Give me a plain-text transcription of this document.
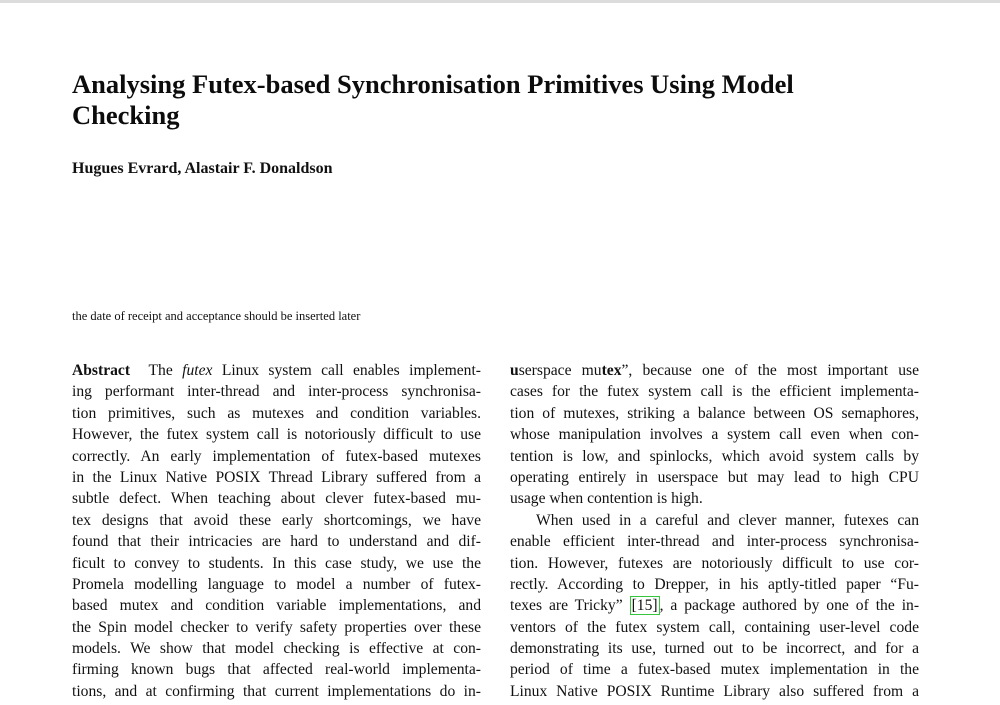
Analysing Futex-based Synchronisation Primitives Using Model
Checking
Hugues Evrard, Alastair F. Donaldson
the date of receipt and acceptance should be inserted later
Abstract The futex Linux system call enables implement-
ing performant inter-thread and inter-process synchronisa-
tion primitives, such as mutexes and condition variables.
However, the futex system call is notoriously difficult to use
correctly. An early implementation of futex-based mutexes
in the Linux Native POSIX Thread Library suffered from a
subtle defect. When teaching about clever futex-based mu-
tex designs that avoid these early shortcomings, we have
found that their intricacies are hard to understand and dif-
ficult to convey to students. In this case study, we use the
Promela modelling language to model a number of futex-
based mutex and condition variable implementations, and
the Spin model checker to verify safety properties over these
models. We show that model checking is effective at con-
firming known bugs that affected real-world implementa-
tions, and at confirming that current implementations do in-
userspace mutex”, because one of the most important use
cases for the futex system call is the efficient implementa-
tion of mutexes, striking a balance between OS semaphores,
whose manipulation involves a system call even when con-
tention is low, and spinlocks, which avoid system calls by
operating entirely in userspace but may lead to high CPU
usage when contention is high.
When used in a careful and clever manner, futexes can
enable efficient inter-thread and inter-process synchronisa-
tion. However, futexes are notoriously difficult to use cor-
rectly. According to Drepper, in his aptly-titled paper “Fu-
texes are Tricky” [15] , a package authored by one of the in-
ventors of the futex system call, containing user-level code
demonstrating its use, turned out to be incorrect, and for a
period of time a futex-based mutex implementation in the
Linux Native POSIX Runtime Library also suffered from a
